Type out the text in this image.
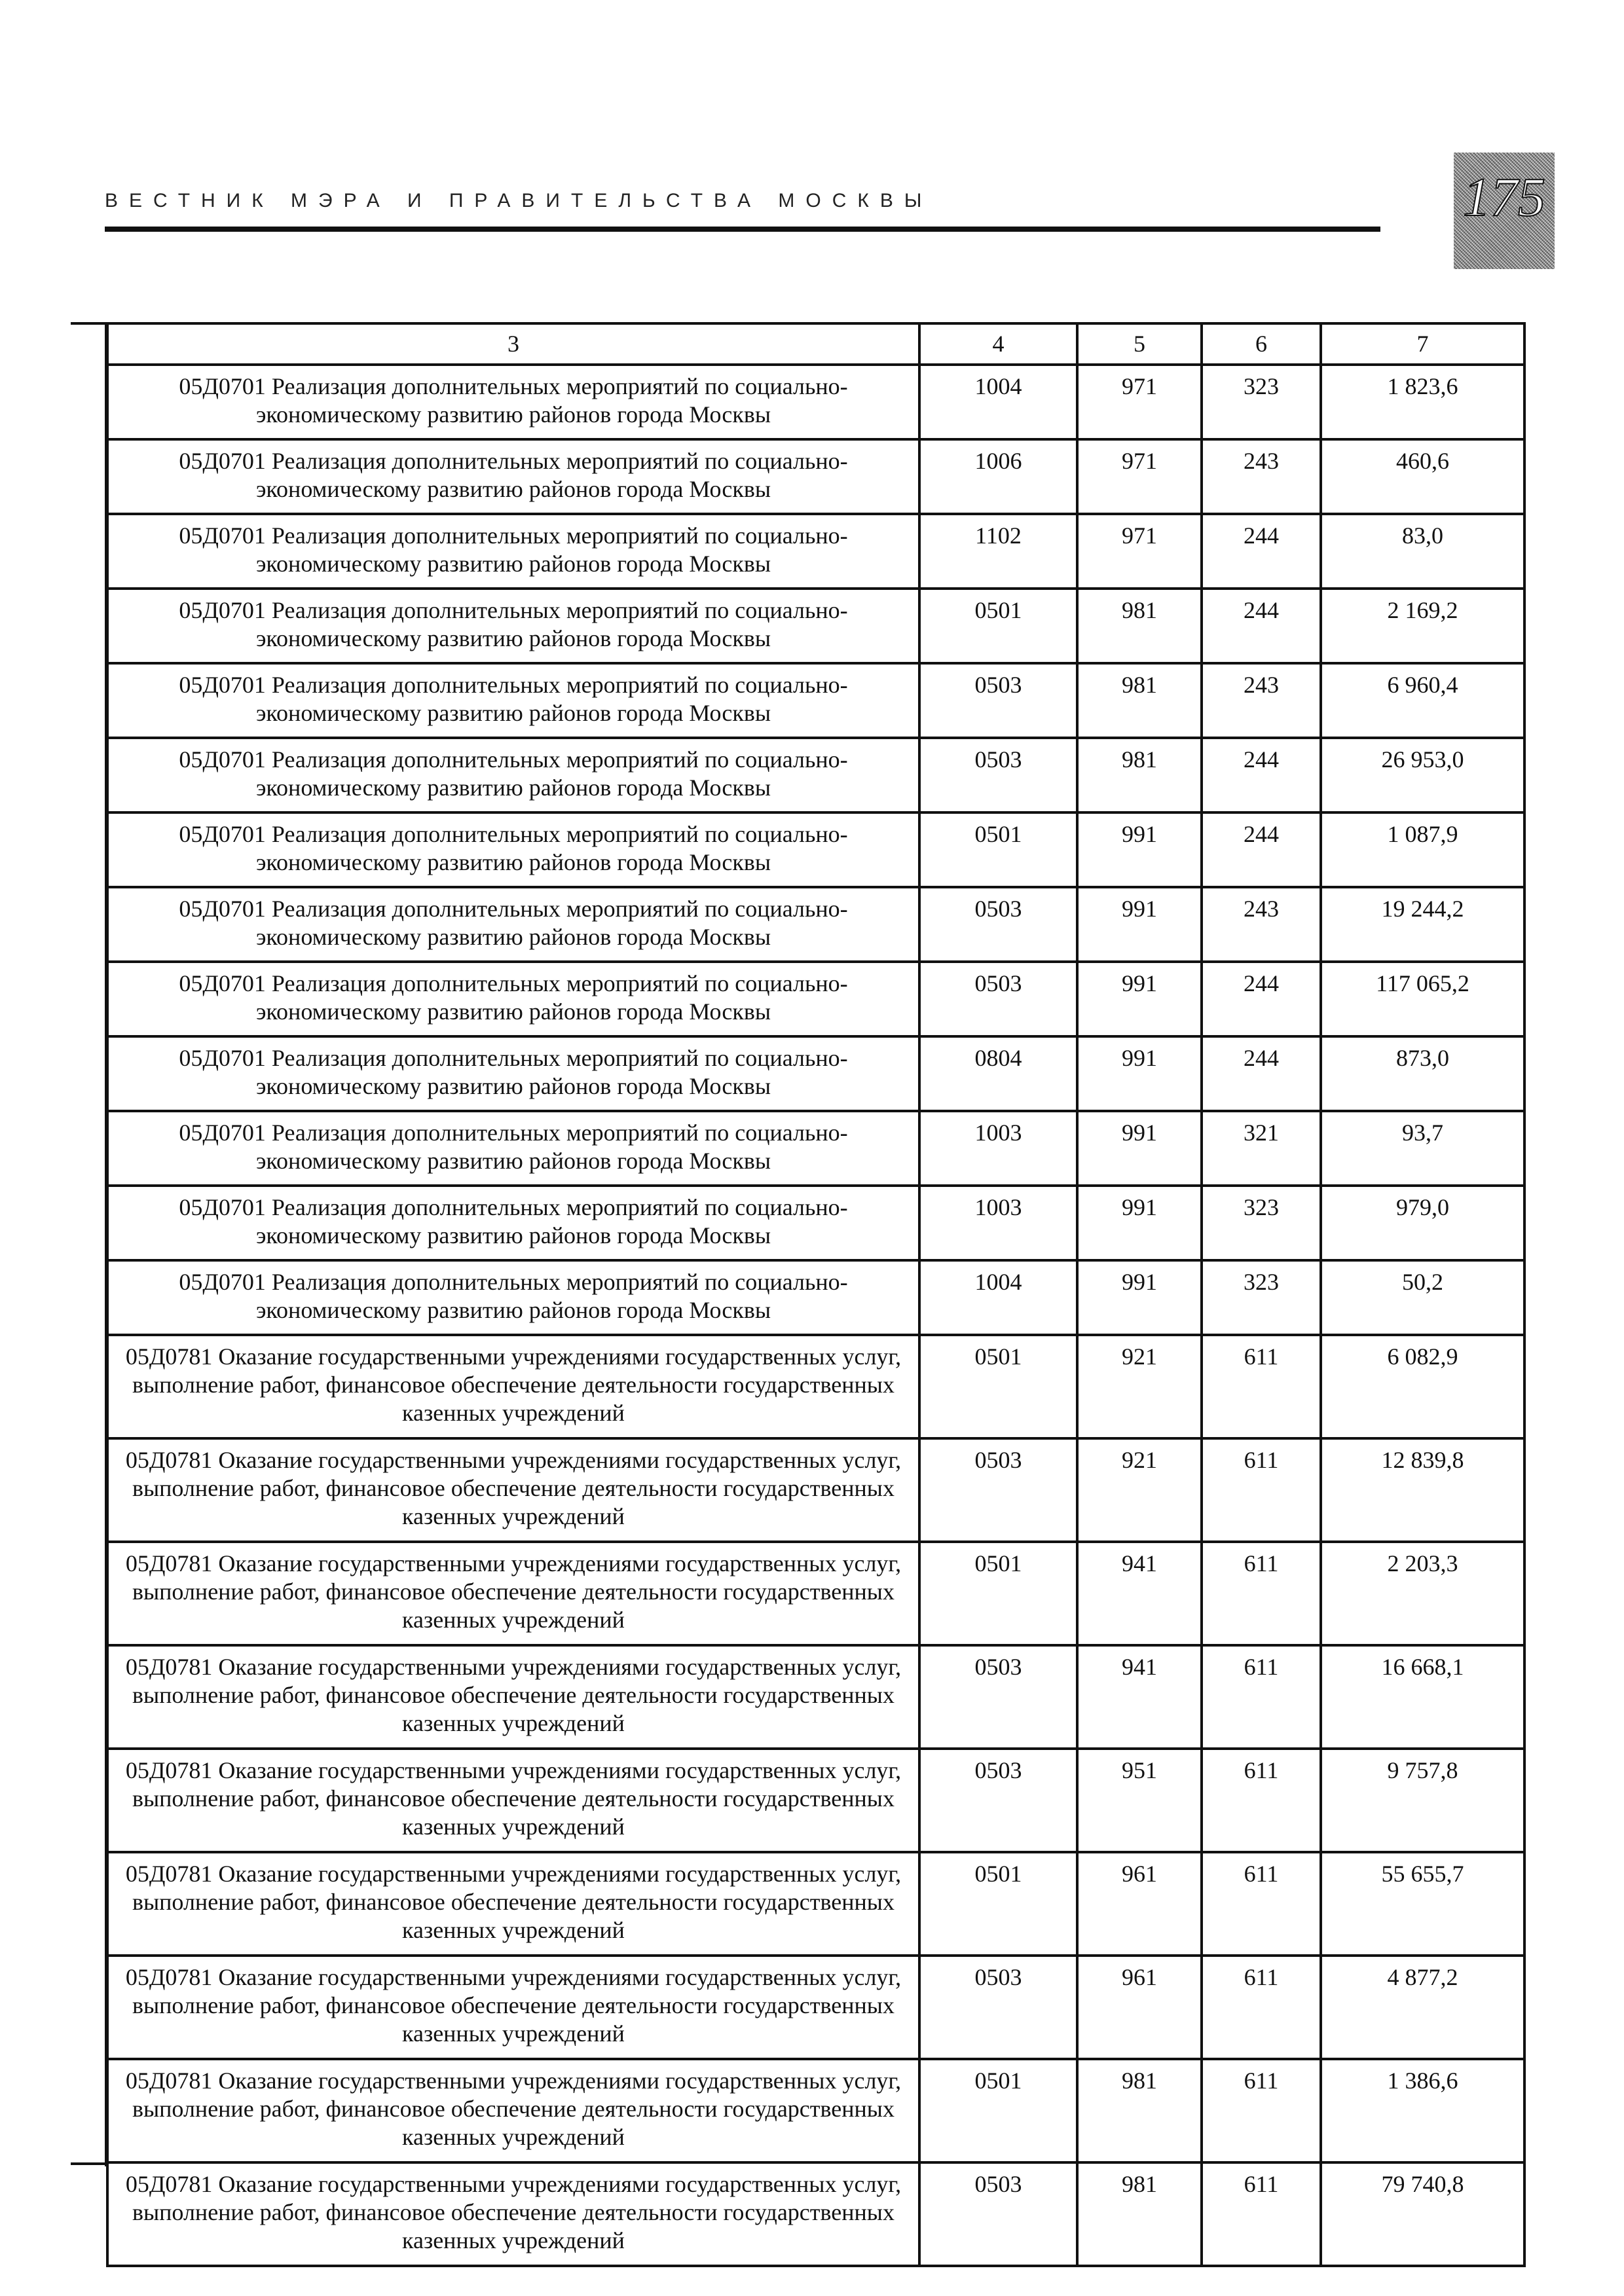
ВЕСТНИК МЭРА И ПРАВИТЕЛЬСТВА МОСКВЫ	175
3	4	5	6	7
05Д0701 Реализация дополнительных мероприятий по социально-экономическому развитию районов города Москвы	1004	971	323	1 823,6
05Д0701 Реализация дополнительных мероприятий по социально-экономическому развитию районов города Москвы	1006	971	243	460,6
05Д0701 Реализация дополнительных мероприятий по социально-экономическому развитию районов города Москвы	1102	971	244	83,0
05Д0701 Реализация дополнительных мероприятий по социально-экономическому развитию районов города Москвы	0501	981	244	2 169,2
05Д0701 Реализация дополнительных мероприятий по социально-экономическому развитию районов города Москвы	0503	981	243	6 960,4
05Д0701 Реализация дополнительных мероприятий по социально-экономическому развитию районов города Москвы	0503	981	244	26 953,0
05Д0701 Реализация дополнительных мероприятий по социально-экономическому развитию районов города Москвы	0501	991	244	1 087,9
05Д0701 Реализация дополнительных мероприятий по социально-экономическому развитию районов города Москвы	0503	991	243	19 244,2
05Д0701 Реализация дополнительных мероприятий по социально-экономическому развитию районов города Москвы	0503	991	244	117 065,2
05Д0701 Реализация дополнительных мероприятий по социально-экономическому развитию районов города Москвы	0804	991	244	873,0
05Д0701 Реализация дополнительных мероприятий по социально-экономическому развитию районов города Москвы	1003	991	321	93,7
05Д0701 Реализация дополнительных мероприятий по социально-экономическому развитию районов города Москвы	1003	991	323	979,0
05Д0701 Реализация дополнительных мероприятий по социально-экономическому развитию районов города Москвы	1004	991	323	50,2
05Д0781 Оказание государственными учреждениями государственных услуг, выполнение работ, финансовое обеспечение деятельности государственных казенных учреждений	0501	921	611	6 082,9
05Д0781 Оказание государственными учреждениями государственных услуг, выполнение работ, финансовое обеспечение деятельности государственных казенных учреждений	0503	921	611	12 839,8
05Д0781 Оказание государственными учреждениями государственных услуг, выполнение работ, финансовое обеспечение деятельности государственных казенных учреждений	0501	941	611	2 203,3
05Д0781 Оказание государственными учреждениями государственных услуг, выполнение работ, финансовое обеспечение деятельности государственных казенных учреждений	0503	941	611	16 668,1
05Д0781 Оказание государственными учреждениями государственных услуг, выполнение работ, финансовое обеспечение деятельности государственных казенных учреждений	0503	951	611	9 757,8
05Д0781 Оказание государственными учреждениями государственных услуг, выполнение работ, финансовое обеспечение деятельности государственных казенных учреждений	0501	961	611	55 655,7
05Д0781 Оказание государственными учреждениями государственных услуг, выполнение работ, финансовое обеспечение деятельности государственных казенных учреждений	0503	961	611	4 877,2
05Д0781 Оказание государственными учреждениями государственных услуг, выполнение работ, финансовое обеспечение деятельности государственных казенных учреждений	0501	981	611	1 386,6
05Д0781 Оказание государственными учреждениями государственных услуг, выполнение работ, финансовое обеспечение деятельности государственных казенных учреждений	0503	981	611	79 740,8
